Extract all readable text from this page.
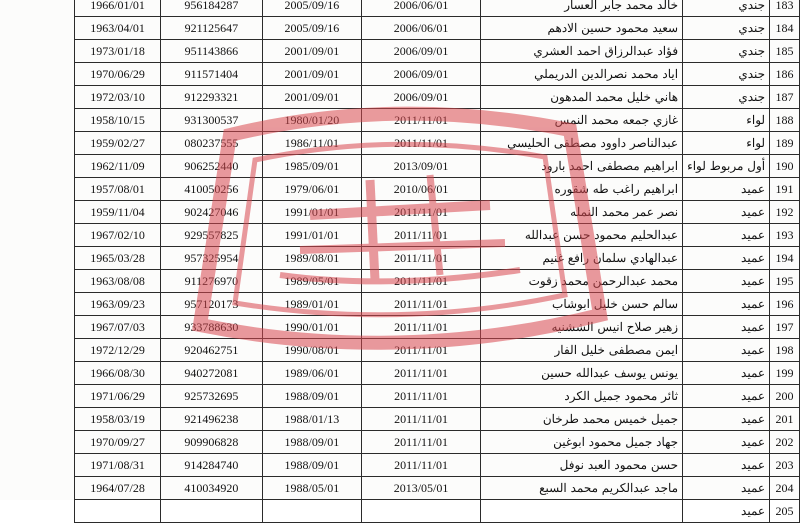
1966/01/01	956184287	2005/09/16	2006/06/01	خالد محمد جابر العسار	جندي	183
1963/04/01	921125647	2005/09/16	2006/06/01	سعيد محمود حسين الادهم	جندي	184
1973/01/18	951143866	2001/09/01	2006/09/01	فؤاد عبدالرزاق احمد العشري	جندي	185
1970/06/29	911571404	2001/09/01	2006/09/01	اياد محمد نصرالدين الدريملي	جندي	186
1972/03/10	912293321	2001/09/01	2006/09/01	هاني خليل محمد المدهون	جندي	187
1958/10/15	931300537	1980/01/20	2011/11/01	غازي جمعه محمد النمس	لواء	188
1959/02/27	080237555	1986/11/01	2011/11/01	عبدالناصر داوود مصطفى الحليسي	لواء	189
1962/11/09	906252440	1985/09/01	2013/09/01	ابراهيم مصطفى احمد بارود	أول مربوط لواء	190
1957/08/01	410050256	1979/06/01	2010/06/01	ابراهيم راغب طه شقوره	عميد	191
1959/11/04	902427046	1991/01/01	2011/11/01	نصر عمر محمد النمله	عميد	192
1967/02/10	929557825	1991/01/01	2011/11/01	عبدالحليم محمود حسن عبدالله	عميد	193
1965/03/28	957325954	1989/08/01	2011/11/01	عبدالهادي سلمان رافع غنيم	عميد	194
1963/08/08	911276970	1989/05/01	2011/11/01	محمد عبدالرحمن محمد زقوت	عميد	195
1963/09/23	957120173	1989/01/01	2011/11/01	سالم حسن خليل ابوشاب	عميد	196
1967/07/03	933788630	1990/01/01	2011/11/01	زهير صلاح انيس الششنيه	عميد	197
1972/12/29	920462751	1990/08/01	2011/11/01	ايمن مصطفى خليل الفار	عميد	198
1966/08/30	940272081	1989/06/01	2011/11/01	يونس يوسف عبدالله حسين	عميد	199
1971/06/29	925732695	1988/09/01	2011/11/01	ثائر محمود جميل الكرد	عميد	200
1958/03/19	921496238	1988/01/13	2011/11/01	جميل خميس محمد طرخان	عميد	201
1970/09/27	909906828	1988/09/01	2011/11/01	جهاد جميل محمود ابوغين	عميد	202
1971/08/31	914284740	1988/09/01	2011/11/01	حسن محمود العبد نوفل	عميد	203
1964/07/28	410034920	1988/05/01	2013/05/01	ماجد عبدالكريم محمد السبع	عميد	204
					عميد	205
